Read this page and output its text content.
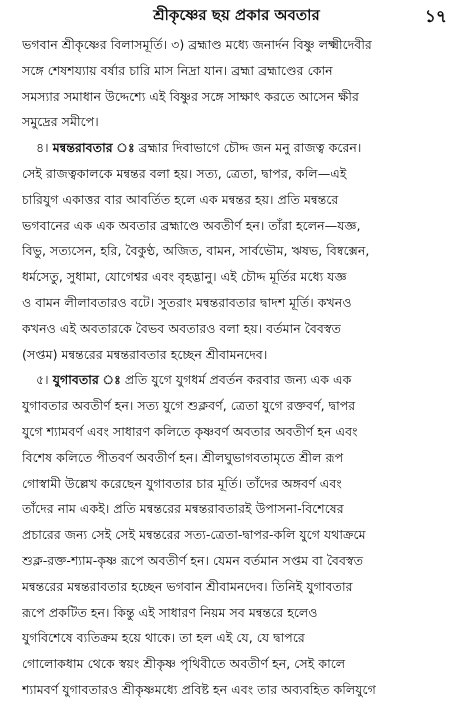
শ্রীকৃষ্ণের ছয় প্রকার অবতার	১৭
ভগবান শ্রীকৃষ্ণের বিলাসমূর্তি। ৩) ব্রহ্মাণ্ড মধ্যে জনার্দন বিষ্ণু লক্ষ্মীদেবীর
সঙ্গে শেষশয্যায় বর্ষার চারি মাস নিদ্রা যান। ব্রহ্মা ব্রহ্মাণ্ডের কোন
সমস্যার সমাধান উদ্দেশ্যে এই বিষ্ণুর সঙ্গে সাক্ষাৎ করতে আসেন ক্ষীর
সমুদ্রের সমীপে।
৪। মন্বন্তরাবতার ঃ ব্রহ্মার দিবাভাগে চৌদ্দ জন মনু রাজত্ব করেন।
সেই রাজত্বকালকে মন্বন্তর বলা হয়। সত্য, ত্রেতা, দ্বাপর, কলি—এই
চারিযুগ একাত্তর বার আবর্তিত হলে এক মন্বন্তর হয়। প্রতি মন্বন্তরে
ভগবানের এক এক অবতার ব্রহ্মাণ্ডে অবতীর্ণ হন। তাঁরা হলেন—যজ্ঞ,
বিভু, সত্যসেন, হরি, বৈকুণ্ঠ, অজিত, বামন, সার্বভৌম, ঋষভ, বিষ্বক্সেন,
ধর্মসেতু, সুধামা, যোগেশ্বর এবং বৃহদ্ভানু। এই চৌদ্দ মূর্তির মধ্যে যজ্ঞ
ও বামন লীলাবতারও বটে। সুতরাং মন্বন্তরাবতার দ্বাদশ মূর্তি। কখনও
কখনও এই অবতারকে বৈভব অবতারও বলা হয়। বর্তমান বৈবস্বত
(সপ্তম) মন্বন্তরের মন্বন্তরাবতার হচ্ছেন শ্রীবামনদেব।
৫। যুগাবতার ঃ প্রতি যুগে যুগধর্ম প্রবর্তন করবার জন্য এক এক
যুগাবতার অবতীর্ণ হন। সত্য যুগে শুক্লবর্ণ, ত্রেতা যুগে রক্তবর্ণ, দ্বাপর
যুগে শ্যামবর্ণ এবং সাধারণ কলিতে কৃষ্ণবর্ণ অবতার অবতীর্ণ হন এবং
বিশেষ কলিতে পীতবর্ণ অবতীর্ণ হন। শ্রীলঘুভাগবতামৃতে শ্রীল রূপ
গোস্বামী উল্লেখ করেছেন যুগাবতার চার মূর্তি। তাঁদের অঙ্গবর্ণ এবং
তাঁদের নাম একই। প্রতি মন্বন্তরের মন্বন্তরাবতারই উপাসনা-বিশেষের
প্রচারের জন্য সেই সেই মন্বন্তরের সত্য-ত্রেতা-দ্বাপর-কলি যুগে যথাক্রমে
শুক্ল-রক্ত-শ্যাম-কৃষ্ণ রূপে অবতীর্ণ হন। যেমন বর্তমান সপ্তম বা বৈবস্বত
মন্বন্তরের মন্বন্তরাবতার হচ্ছেন ভগবান শ্রীবামনদেব। তিনিই যুগাবতার
রূপে প্রকটিত হন। কিন্তু এই সাধারণ নিয়ম সব মন্বন্তরে হলেও
যুগবিশেষে ব্যতিক্রম হয়ে থাকে। তা হল এই যে, যে দ্বাপরে
গোলোকধাম থেকে স্বয়ং শ্রীকৃষ্ণ পৃথিবীতে অবতীর্ণ হন, সেই কালে
শ্যামবর্ণ যুগাবতারও শ্রীকৃষ্ণমধ্যে প্রবিষ্ট হন এবং তার অব্যবহিত কলিযুগে
